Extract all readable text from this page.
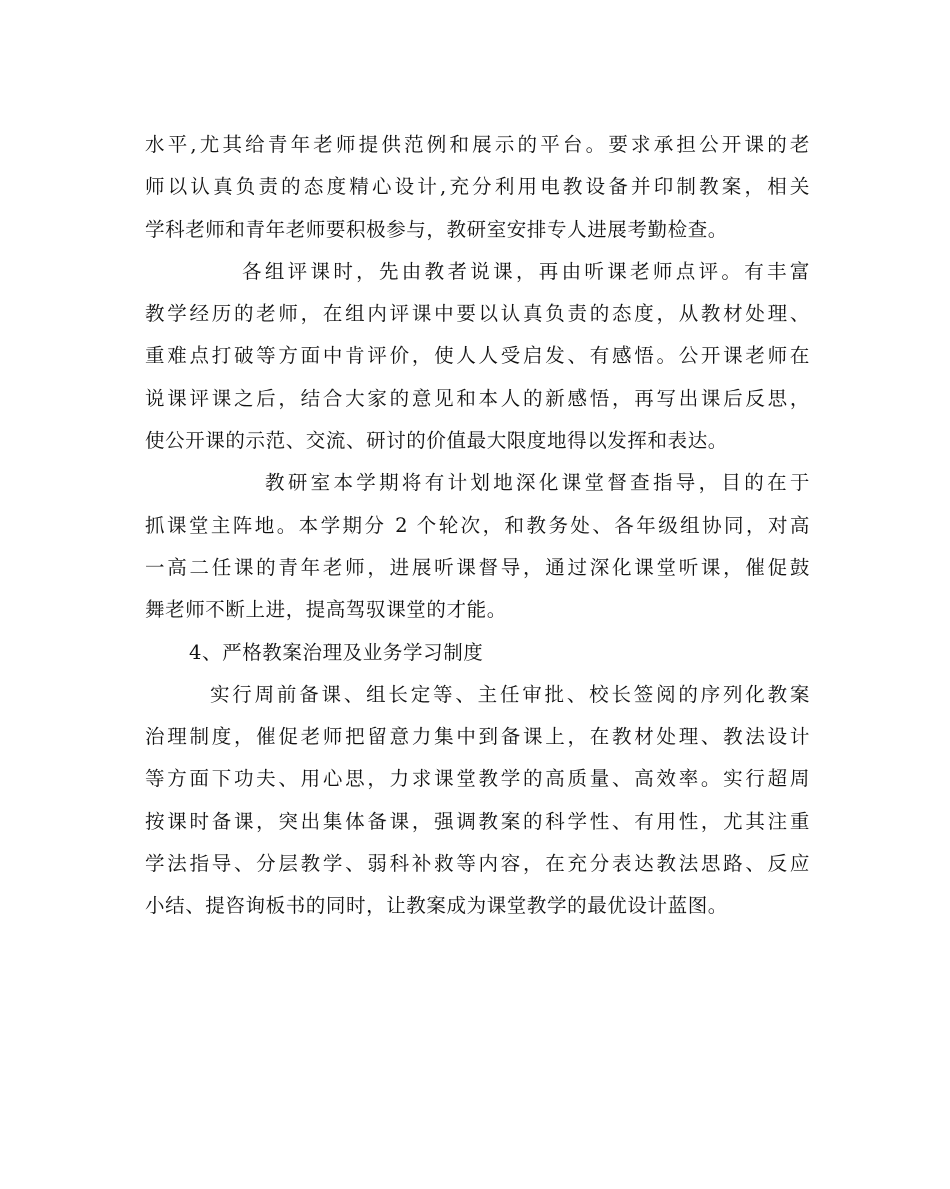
水平,尤其给青年老师提供范例和展示的平台。要求承担公开课的老
师以认真负责的态度精心设计,充分利用电教设备并印制教案，相关
学科老师和青年老师要积极参与，教研室安排专人进展考勤检查。
各组评课时，先由教者说课，再由听课老师点评。有丰富
教学经历的老师，在组内评课中要以认真负责的态度，从教材处理、
重难点打破等方面中肯评价，使人人受启发、有感悟。公开课老师在
说课评课之后，结合大家的意见和本人的新感悟，再写出课后反思，
使公开课的示范、交流、研讨的价值最大限度地得以发挥和表达。
教研室本学期将有计划地深化课堂督查指导，目的在于
抓课堂主阵地。本学期分 2 个轮次，和教务处、各年级组协同，对高
一高二任课的青年老师，进展听课督导，通过深化课堂听课，催促鼓
舞老师不断上进，提高驾驭课堂的才能。
4、严格教案治理及业务学习制度
实行周前备课、组长定等、主任审批、校长签阅的序列化教案
治理制度，催促老师把留意力集中到备课上，在教材处理、教法设计
等方面下功夫、用心思，力求课堂教学的高质量、高效率。实行超周
按课时备课，突出集体备课，强调教案的科学性、有用性，尤其注重
学法指导、分层教学、弱科补救等内容，在充分表达教法思路、反应
小结、提咨询板书的同时，让教案成为课堂教学的最优设计蓝图。
